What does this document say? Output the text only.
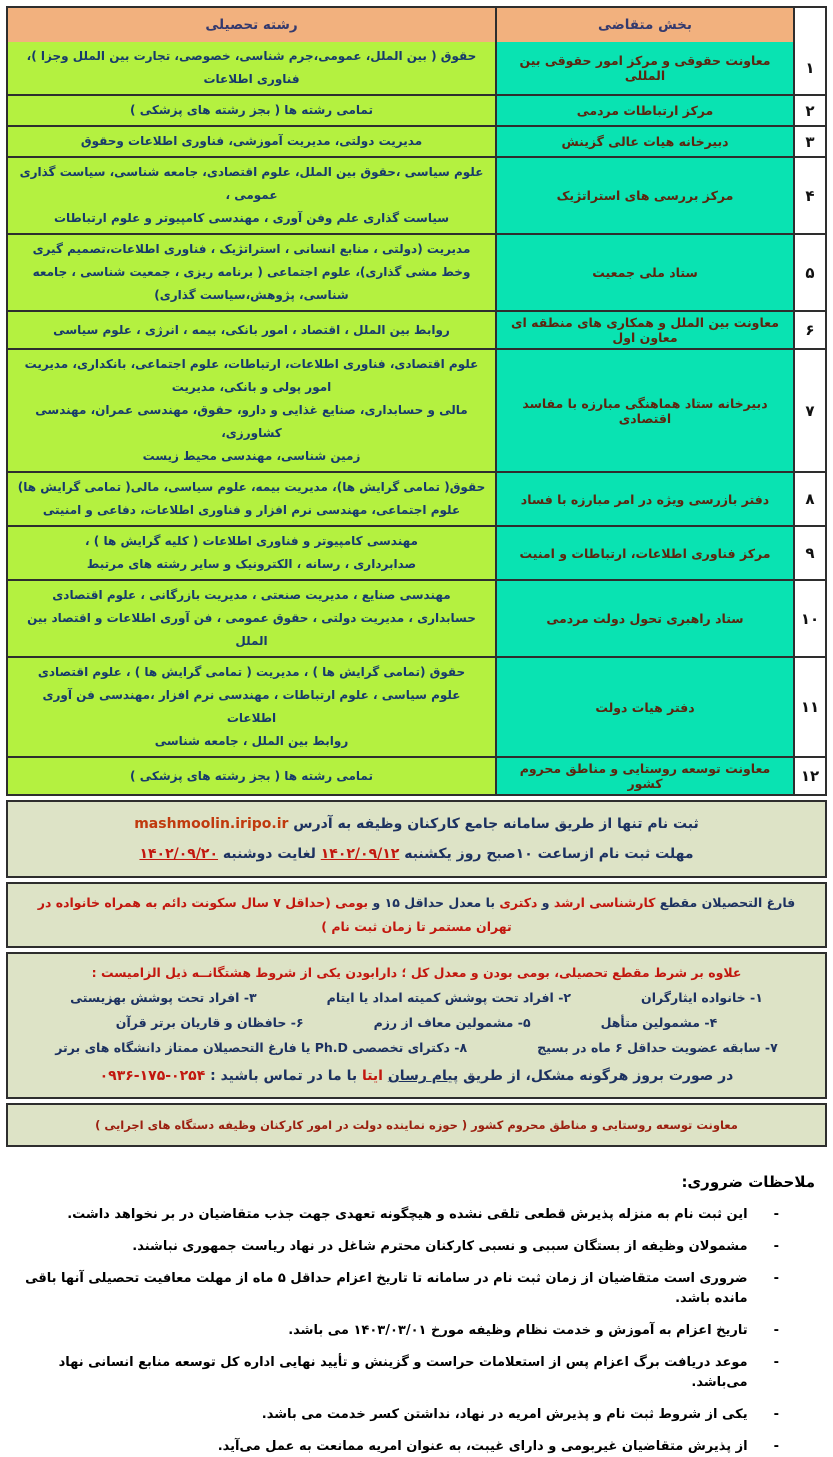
بخش متقاضی
رشته تحصیلی
۱
معاونت حقوقی و مرکز امور حقوقی بین المللی
حقوق ( بین الملل، عمومی،جرم شناسی، خصوصی، تجارت بین الملل وجزا )، فناوری اطلاعات
۲
مرکز ارتباطات مردمی
تمامی رشته ها ( بجز رشته های پزشکی )
۳
دبیرخانه هیات عالی گزینش
مدیریت دولتی، مدیریت آموزشی، فناوری اطلاعات وحقوق
۴
مرکز بررسی های استراتژیک
علوم سیاسی ،حقوق بین الملل، علوم اقتصادی، جامعه شناسی، سیاست گذاری عمومی ،
سیاست گذاری علم وفن آوری ، مهندسی کامپیوتر و علوم ارتباطات
۵
ستاد ملی جمعیت
مدیریت (دولتی ، منابع انسانی ، استراتژیک ، فناوری اطلاعات،تصمیم گیری
وخط مشی گذاری)، علوم اجتماعی ( برنامه ریزی ، جمعیت شناسی ، جامعه شناسی، پژوهش،سیاست گذاری)
۶
معاونت بین الملل و همکاری های منطقه ای معاون اول
روابط بین الملل ، اقتصاد ، امور بانکی، بیمه ، انرژی ، علوم سیاسی
۷
دبیرخانه ستاد هماهنگی مبارزه با مفاسد اقتصادی
علوم اقتصادی، فناوری اطلاعات، ارتباطات، علوم اجتماعی، بانکداری، مدیریت امور پولی و بانکی، مدیریت
مالی و حسابداری، صنایع غذایی و دارو، حقوق، مهندسی عمران، مهندسی کشاورزی،
زمین شناسی، مهندسی محیط زیست
۸
دفتر بازرسی ویژه در امر مبارزه با فساد
حقوق( تمامی گرایش ها)، مدیریت بیمه، علوم سیاسی، مالی( تمامی گرایش ها)
علوم اجتماعی، مهندسی نرم افزار و فناوری اطلاعات، دفاعی و امنیتی
۹
مرکز فناوری اطلاعات، ارتباطات و امنیت
مهندسی کامپیوتر و فناوری اطلاعات ( کلیه گرایش ها ) ،
صدابرداری ، رسانه ، الکترونیک و سایر رشته های مرتبط
۱۰
ستاد راهبری تحول دولت مردمی
مهندسی صنایع ، مدیریت صنعتی ، مدیریت بازرگانی ، علوم اقتصادی
حسابداری ، مدیریت دولتی ، حقوق عمومی ، فن آوری اطلاعات و اقتصاد بین الملل
۱۱
دفتر هیات دولت
حقوق (تمامی گرایش ها ) ، مدیریت ( تمامی گرایش ها ) ، علوم اقتصادی
علوم سیاسی ، علوم ارتباطات ، مهندسی نرم افزار ،مهندسی فن آوری اطلاعات
روابط بین الملل ، جامعه شناسی
۱۲
معاونت توسعه روستایی و مناطق محروم کشور
تمامی رشته ها ( بجز رشته های پزشکی )
ثبت نام تنها از طریق سامانه جامع کارکنان وظیفه به آدرس mashmoolin.iripo.ir
مهلت ثبت نام ازساعت ۱۰صبح روز یکشنبه ۱۴۰۲/۰۹/۱۲ لغایت دوشنبه ۱۴۰۲/۰۹/۲۰
فارغ التحصیلان مقطع کارشناسی ارشد و دکتری با معدل حداقل ۱۵ و بومی (حداقل ۷ سال سکونت دائم به همراه خانواده در تهران مستمر تا زمان ثبت نام )
علاوه بر شرط مقطع تحصیلی، بومی بودن و معدل کل ؛ دارابودن یکی از شروط هشتگانــه ذیل الزامیست :
۱- خانواده ایثارگران
۲- افراد تحت پوشش کمیته امداد یا ایتام
۳- افراد تحت پوشش بهزیستی
۴- مشمولین متأهل
۵- مشمولین معاف از رزم
۶- حافظان و قاریان برتر قرآن
۷- سابقه عضویت حداقل ۶ ماه در بسیج
۸- دکترای تخصصی Ph.D یا فارغ التحصیلان ممتاز دانشگاه های برتر
در صورت بروز هرگونه مشکل، از طریق پیام رسان ایتا با ما در تماس باشید : ۰۹۳۶-۱۷۵-۰۲۵۴
معاونت توسعه روستایی و مناطق محروم کشور ( حوزه نماینده دولت در امور کارکنان وظیفه دستگاه های اجرایی )
ملاحظات ضروری:
-
این ثبت نام به منزله پذیرش قطعی تلقی نشده و هیچگونه تعهدی جهت جذب متقاضیان در بر نخواهد داشت.
-
مشمولان وظیفه از بستگان سببی و نسبی کارکنان محترم شاغل در نهاد ریاست جمهوری نباشند.
-
ضروری است متقاضیان از زمان ثبت نام در سامانه تا تاریخ اعزام حداقل ۵ ماه از مهلت معافیت تحصیلی آنها باقی مانده باشد.
-
تاریخ اعزام به آموزش و خدمت نظام وظیفه مورخ ۱۴۰۳/۰۳/۰۱ می باشد.
-
موعد دریافت برگ اعزام پس از استعلامات حراست و گزینش و تأیید نهایی اداره کل توسعه منابع انسانی نهاد می‌باشد.
-
یکی از شروط ثبت نام و پذیرش امریه در نهاد، نداشتن کسر خدمت می باشد.
-
از پذیرش متقاضیان غیربومی و دارای غیبت، به عنوان امریه ممانعت به عمل می‌آید.
